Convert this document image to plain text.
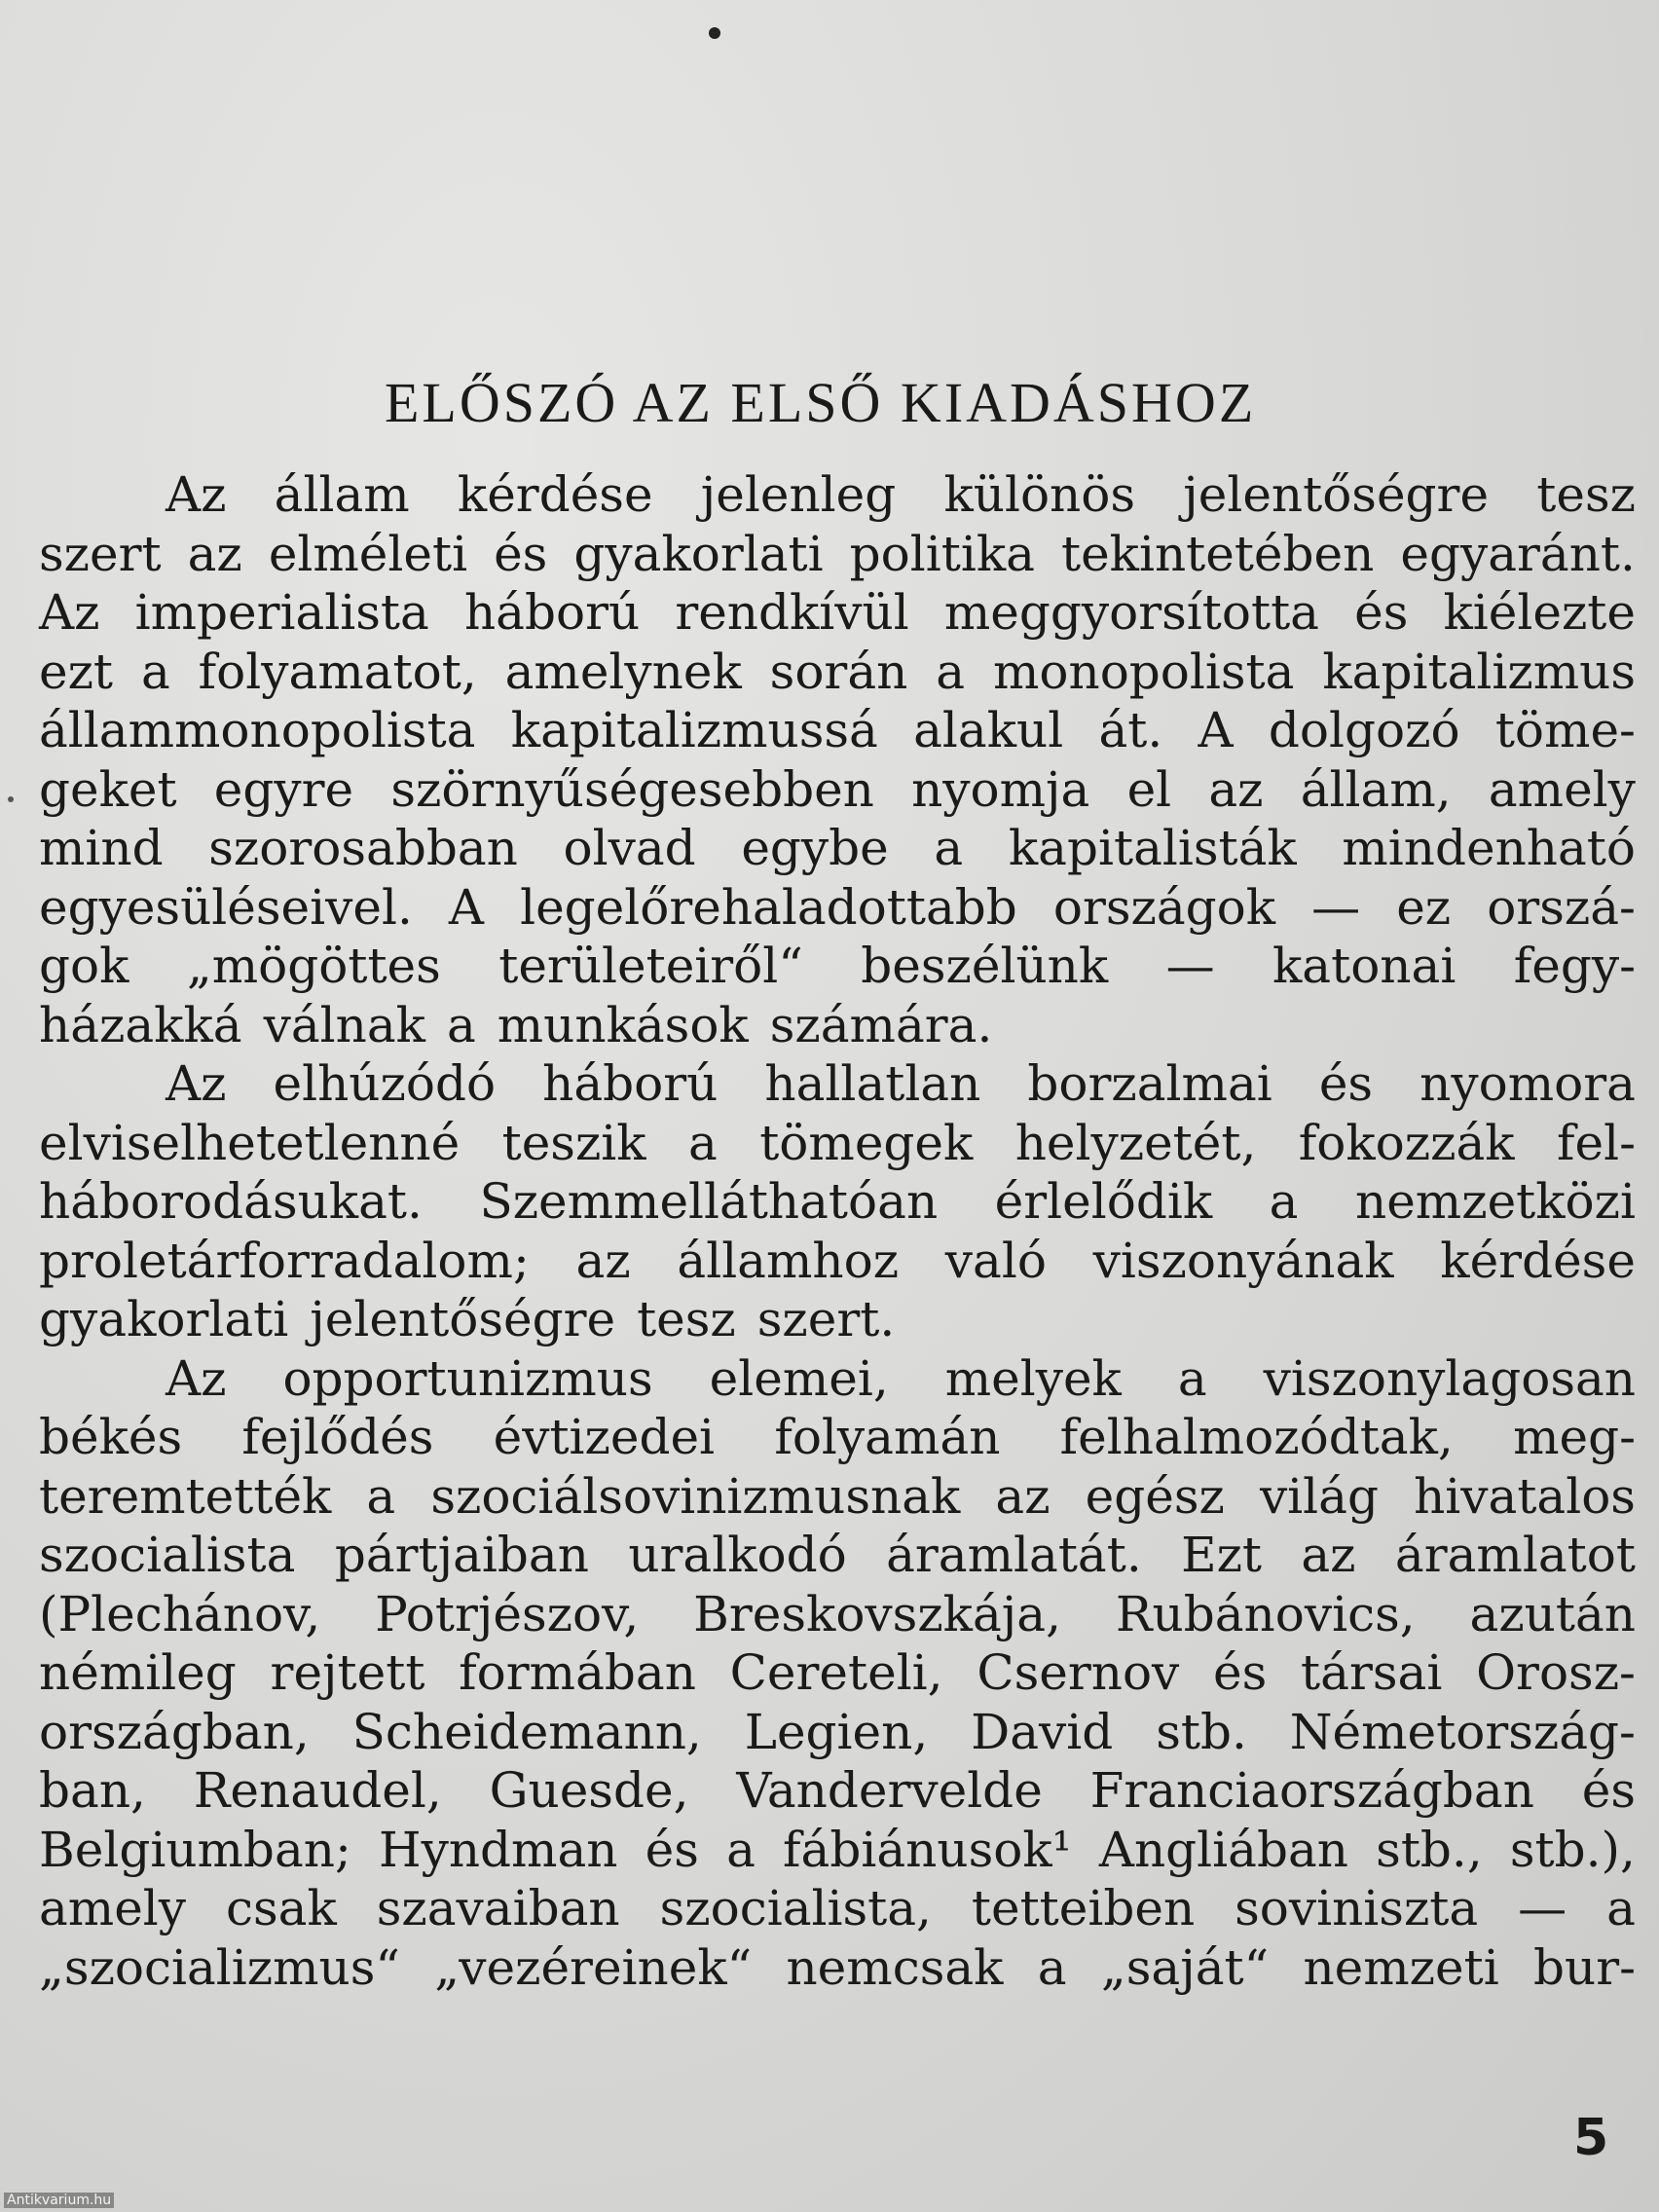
ELŐSZÓ AZ ELSŐ KIADÁSHOZ
Az állam kérdése jelenleg különös jelentőségre tesz
szert az elméleti és gyakorlati politika tekintetében egyaránt.
Az imperialista háború rendkívül meggyorsította és kiélezte
ezt a folyamatot, amelynek során a monopolista kapitalizmus
állammonopolista kapitalizmussá alakul át. A dolgozó töme-
geket egyre szörnyűségesebben nyomja el az állam, amely
mind szorosabban olvad egybe a kapitalisták mindenható
egyesüléseivel. A legelőrehaladottabb országok — ez orszá-
gok „mögöttes területeiről“ beszélünk — katonai fegy-
házakká válnak a munkások számára.
Az elhúzódó háború hallatlan borzalmai és nyomora
elviselhetetlenné teszik a tömegek helyzetét, fokozzák fel-
háborodásukat. Szemmelláthatóan érlelődik a nemzetközi
proletárforradalom; az államhoz való viszonyának kérdése
gyakorlati jelentőségre tesz szert.
Az opportunizmus elemei, melyek a viszonylagosan
békés fejlődés évtizedei folyamán felhalmozódtak, meg-
teremtették a szociálsovinizmusnak az egész világ hivatalos
szocialista pártjaiban uralkodó áramlatát. Ezt az áramlatot
(Plechánov, Potrjészov, Breskovszkája, Rubánovics, azután
némileg rejtett formában Cereteli, Csernov és társai Orosz-
országban, Scheidemann, Legien, David stb. Németország-
ban, Renaudel, Guesde, Vandervelde Franciaországban és
Belgiumban; Hyndman és a fábiánusok¹ Angliában stb., stb.),
amely csak szavaiban szocialista, tetteiben soviniszta — a
„szocializmus“ „vezéreinek“ nemcsak a „saját“ nemzeti bur-
5
Antikvarium.hu
